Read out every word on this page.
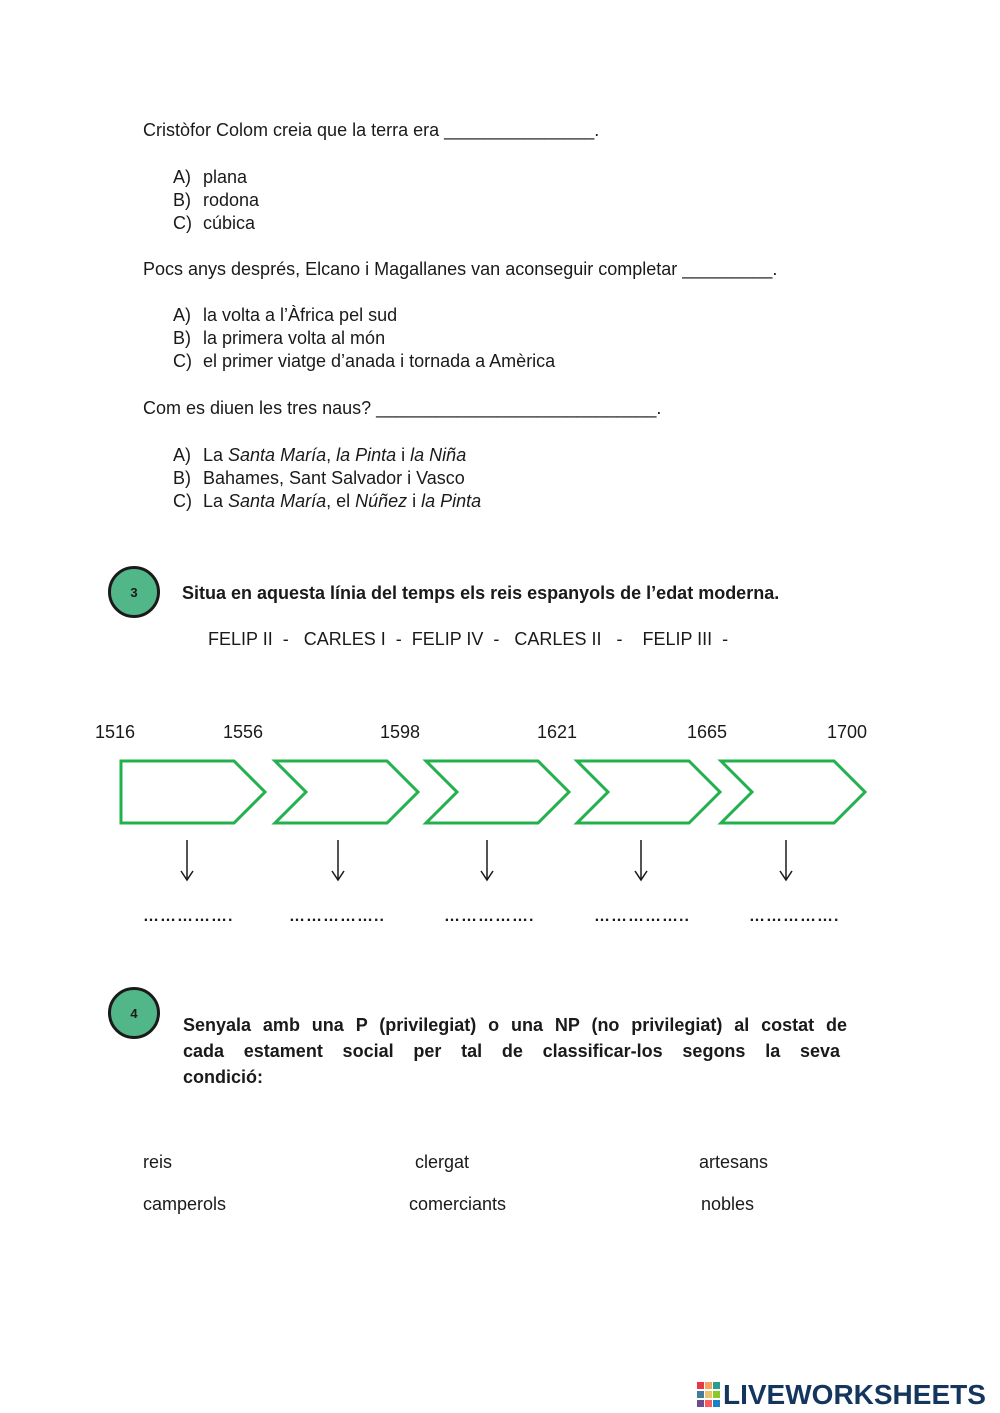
Cristòfor Colom creia que la terra era _______________.
A) plana
B) rodona
C) cúbica
Pocs anys després, Elcano i Magallanes van aconseguir completar _________.
A) la volta a l’Àfrica pel sud
B) la primera volta al món
C) el primer viatge d’anada i tornada a Amèrica
Com es diuen les tres naus? ____________________________.
A) La Santa María, la Pinta i la Niña
B) Bahames, Sant Salvador i Vasco
C) La Santa María, el Núñez i la Pinta
3	Situa en aquesta línia del temps els reis espanyols de l’edat moderna.
FELIP II  -   CARLES I  -  FELIP IV  -   CARLES II   -    FELIP III  -
1516	1556	1598	1621	1665	1700
…………….	……………..	…………….	……………..	…………….
4
Senyala amb una P (privilegiat) o una NP (no privilegiat) al costat de
cada estament social per tal de classificar-los segons la seva
condició:
reis	clergat	artesans
camperols	comerciants	nobles
LIVEWORKSHEETS
